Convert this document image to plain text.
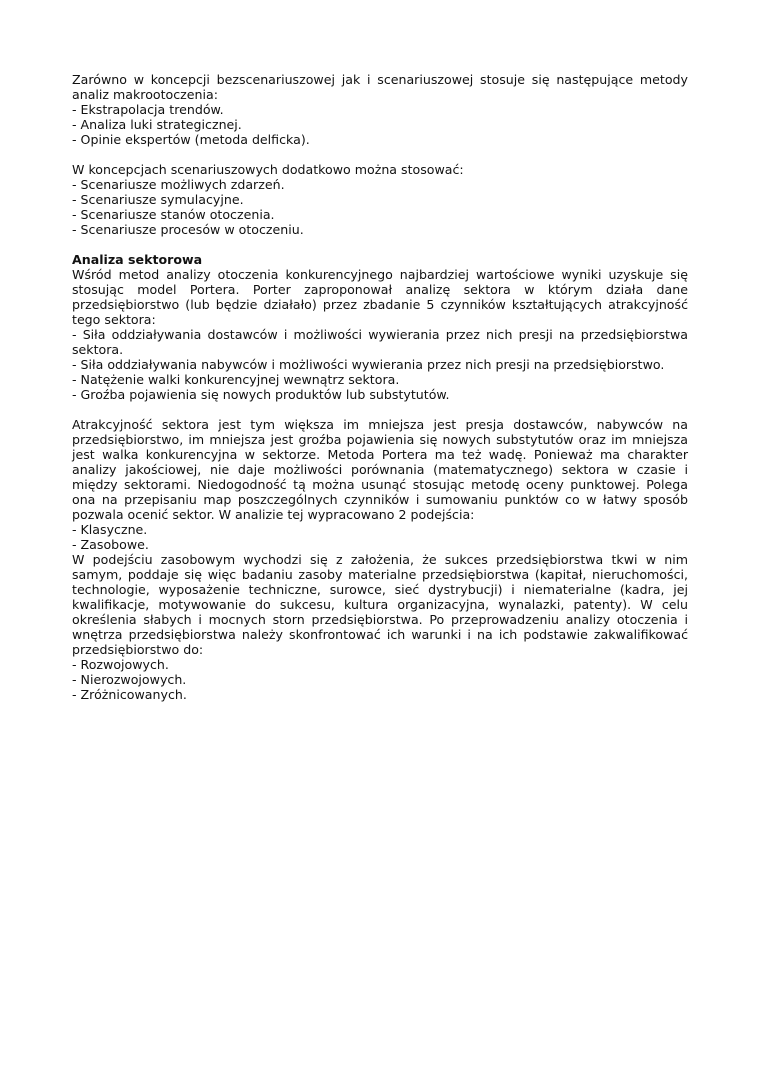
Zarówno w koncepcji bezscenariuszowej jak i scenariuszowej stosuje się następujące metody analiz makrootoczenia:

- Ekstrapolacja trendów.
- Analiza luki strategicznej.
- Opinie ekspertów (metoda delficka).

W koncepcjach scenariuszowych dodatkowo można stosować:

- Scenariusze możliwych zdarzeń.
- Scenariusze symulacyjne.
- Scenariusze stanów otoczenia.
- Scenariusze procesów w otoczeniu.

Analiza sektorowa

Wśród metod analizy otoczenia konkurencyjnego najbardziej wartościowe wyniki uzyskuje się stosując model Portera. Porter zaproponował analizę sektora w którym działa dane przedsiębiorstwo (lub będzie działało) przez zbadanie 5 czynników kształtujących atrakcyjność tego sektora:

- Siła oddziaływania dostawców i możliwości wywierania przez nich presji na przedsiębiorstwa sektora.
- Siła oddziaływania nabywców i możliwości wywierania przez nich presji na przedsiębiorstwo.
- Natężenie walki konkurencyjnej wewnątrz sektora.
- Groźba pojawienia się nowych produktów lub substytutów.

Atrakcyjność sektora jest tym większa im mniejsza jest presja dostawców, nabywców na przedsiębiorstwo, im mniejsza jest groźba pojawienia się nowych substytutów oraz im mniejsza jest walka konkurencyjna w sektorze. Metoda Portera ma też wadę. Ponieważ ma charakter analizy jakościowej, nie daje możliwości porównania (matematycznego) sektora w czasie i między sektorami. Niedogodność tą można usunąć stosując metodę oceny punktowej. Polega ona na przepisaniu map poszczególnych czynników i sumowaniu punktów co w łatwy sposób pozwala ocenić sektor. W analizie tej wypracowano 2 podejścia:

- Klasyczne.
- Zasobowe.

W podejściu zasobowym wychodzi się z założenia, że sukces przedsiębiorstwa tkwi w nim samym, poddaje się więc badaniu zasoby materialne przedsiębiorstwa (kapitał, nieruchomości, technologie, wyposażenie techniczne, surowce, sieć dystrybucji) i niematerialne (kadra, jej kwalifikacje, motywowanie do sukcesu, kultura organizacyjna, wynalazki, patenty). W celu określenia słabych i mocnych storn przedsiębiorstwa. Po przeprowadzeniu analizy otoczenia i wnętrza przedsiębiorstwa należy skonfrontować ich warunki i na ich podstawie zakwalifikować przedsiębiorstwo do:

- Rozwojowych.
- Nierozwojowych.
- Zróżnicowanych.
